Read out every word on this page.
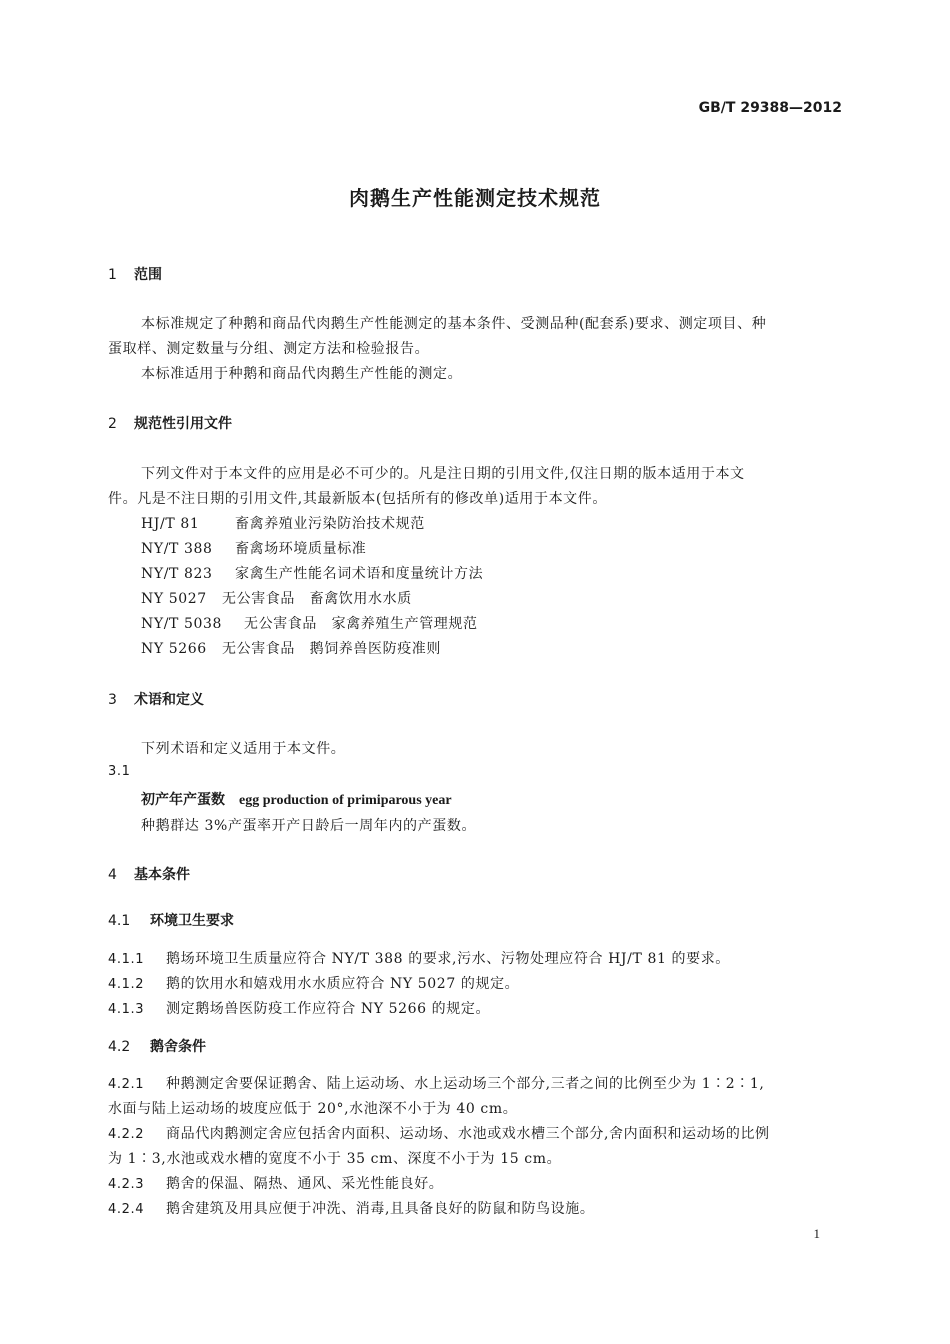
GB/T 29388—2012
肉鹅生产性能测定技术规范
1 范围
本标准规定了种鹅和商品代肉鹅生产性能测定的基本条件、受测品种(配套系)要求、测定项目、种
蛋取样、测定数量与分组、测定方法和检验报告。
本标准适用于种鹅和商品代肉鹅生产性能的测定。
2 规范性引用文件
下列文件对于本文件的应用是必不可少的。凡是注日期的引用文件,仅注日期的版本适用于本文
件。凡是不注日期的引用文件,其最新版本(包括所有的修改单)适用于本文件。
HJ/T 81	畜禽养殖业污染防治技术规范
NY/T 388 畜禽场环境质量标准
NY/T 823 家禽生产性能名词术语和度量统计方法
NY 5027 无公害食品　畜禽饮用水水质
NY/T 5038 无公害食品　家禽养殖生产管理规范
NY 5266 无公害食品　鹅饲养兽医防疫准则
3 术语和定义
下列术语和定义适用于本文件。
3.1
初产年产蛋数 egg production of primiparous year
种鹅群达 3%产蛋率开产日龄后一周年内的产蛋数。
4 基本条件
4.1 环境卫生要求
4.1.1 鹅场环境卫生质量应符合 NY/T 388 的要求,污水、污物处理应符合 HJ/T 81 的要求。
4.1.2 鹅的饮用水和嬉戏用水水质应符合 NY 5027 的规定。
4.1.3 测定鹅场兽医防疫工作应符合 NY 5266 的规定。
4.2 鹅舍条件
4.2.1 种鹅测定舍要保证鹅舍、陆上运动场、水上运动场三个部分,三者之间的比例至少为 1∶2∶1,
水面与陆上运动场的坡度应低于 20°,水池深不小于为 40 cm。
4.2.2 商品代肉鹅测定舍应包括舍内面积、运动场、水池或戏水槽三个部分,舍内面积和运动场的比例
为 1∶3,水池或戏水槽的宽度不小于 35 cm、深度不小于为 15 cm。
4.2.3 鹅舍的保温、隔热、通风、采光性能良好。
4.2.4 鹅舍建筑及用具应便于冲洗、消毒,且具备良好的防鼠和防鸟设施。
1
